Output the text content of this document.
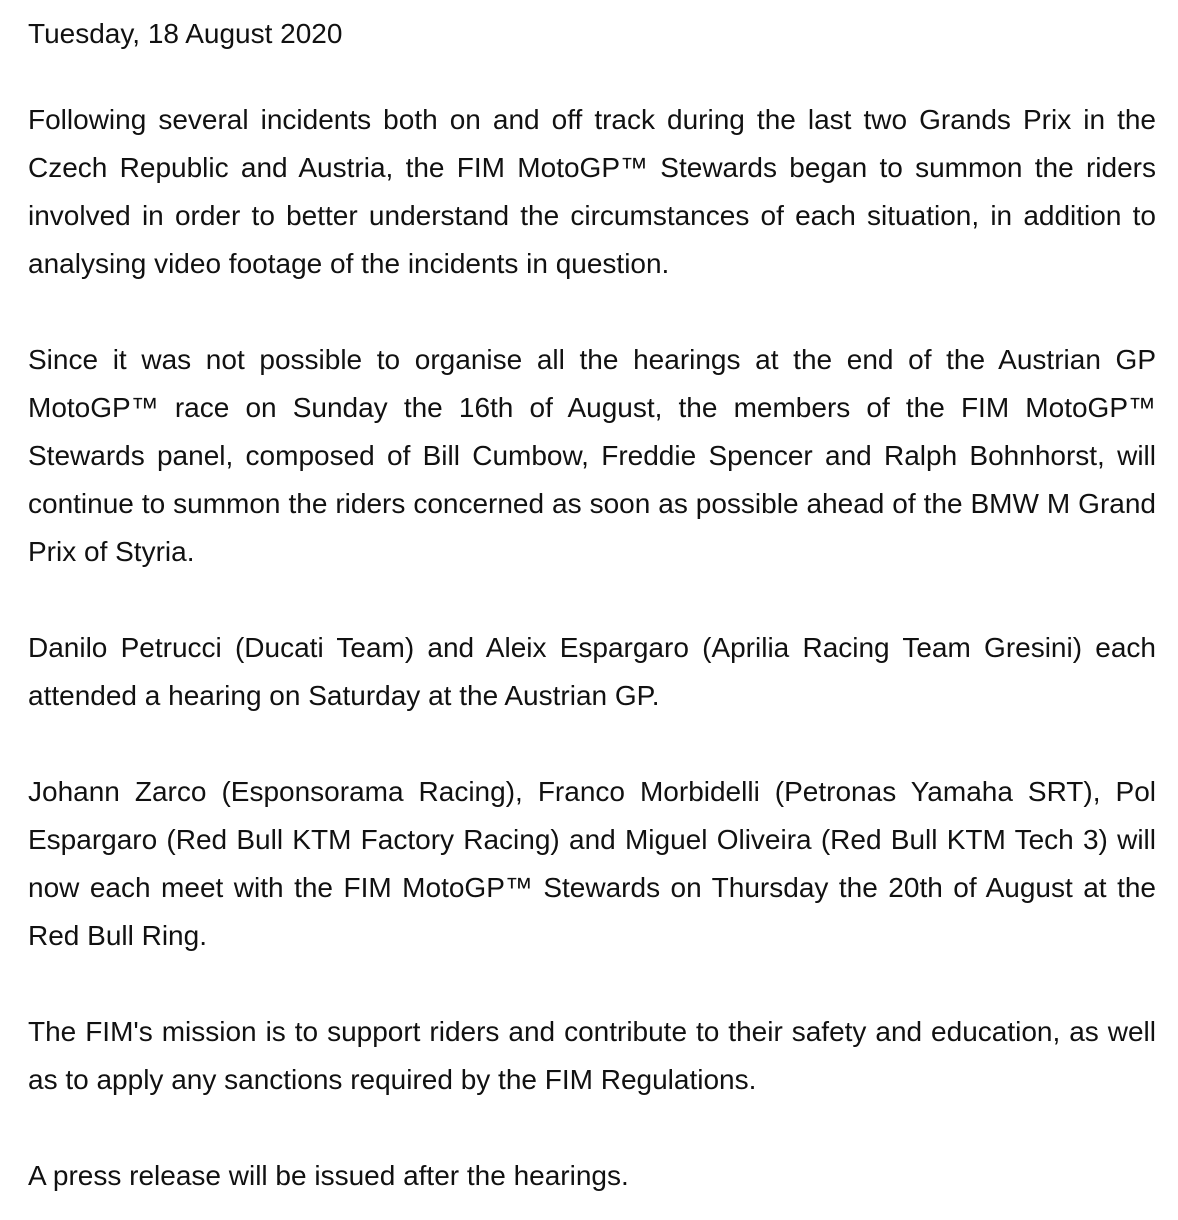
Tuesday, 18 August 2020

Following several incidents both on and off track during the last two Grands Prix in the Czech Republic and Austria, the FIM MotoGP™ Stewards began to summon the riders involved in order to better understand the circumstances of each situation, in addition to analysing video footage of the incidents in question.

Since it was not possible to organise all the hearings at the end of the Austrian GP MotoGP™ race on Sunday the 16th of August, the members of the FIM MotoGP™ Stewards panel, composed of Bill Cumbow, Freddie Spencer and Ralph Bohnhorst, will continue to summon the riders concerned as soon as possible ahead of the BMW M Grand Prix of Styria.

Danilo Petrucci (Ducati Team) and Aleix Espargaro (Aprilia Racing Team Gresini) each attended a hearing on Saturday at the Austrian GP.

Johann Zarco (Esponsorama Racing), Franco Morbidelli (Petronas Yamaha SRT), Pol Espargaro (Red Bull KTM Factory Racing) and Miguel Oliveira (Red Bull KTM Tech 3) will now each meet with the FIM MotoGP™ Stewards on Thursday the 20th of August at the Red Bull Ring.

The FIM's mission is to support riders and contribute to their safety and education, as well as to apply any sanctions required by the FIM Regulations.

A press release will be issued after the hearings.
